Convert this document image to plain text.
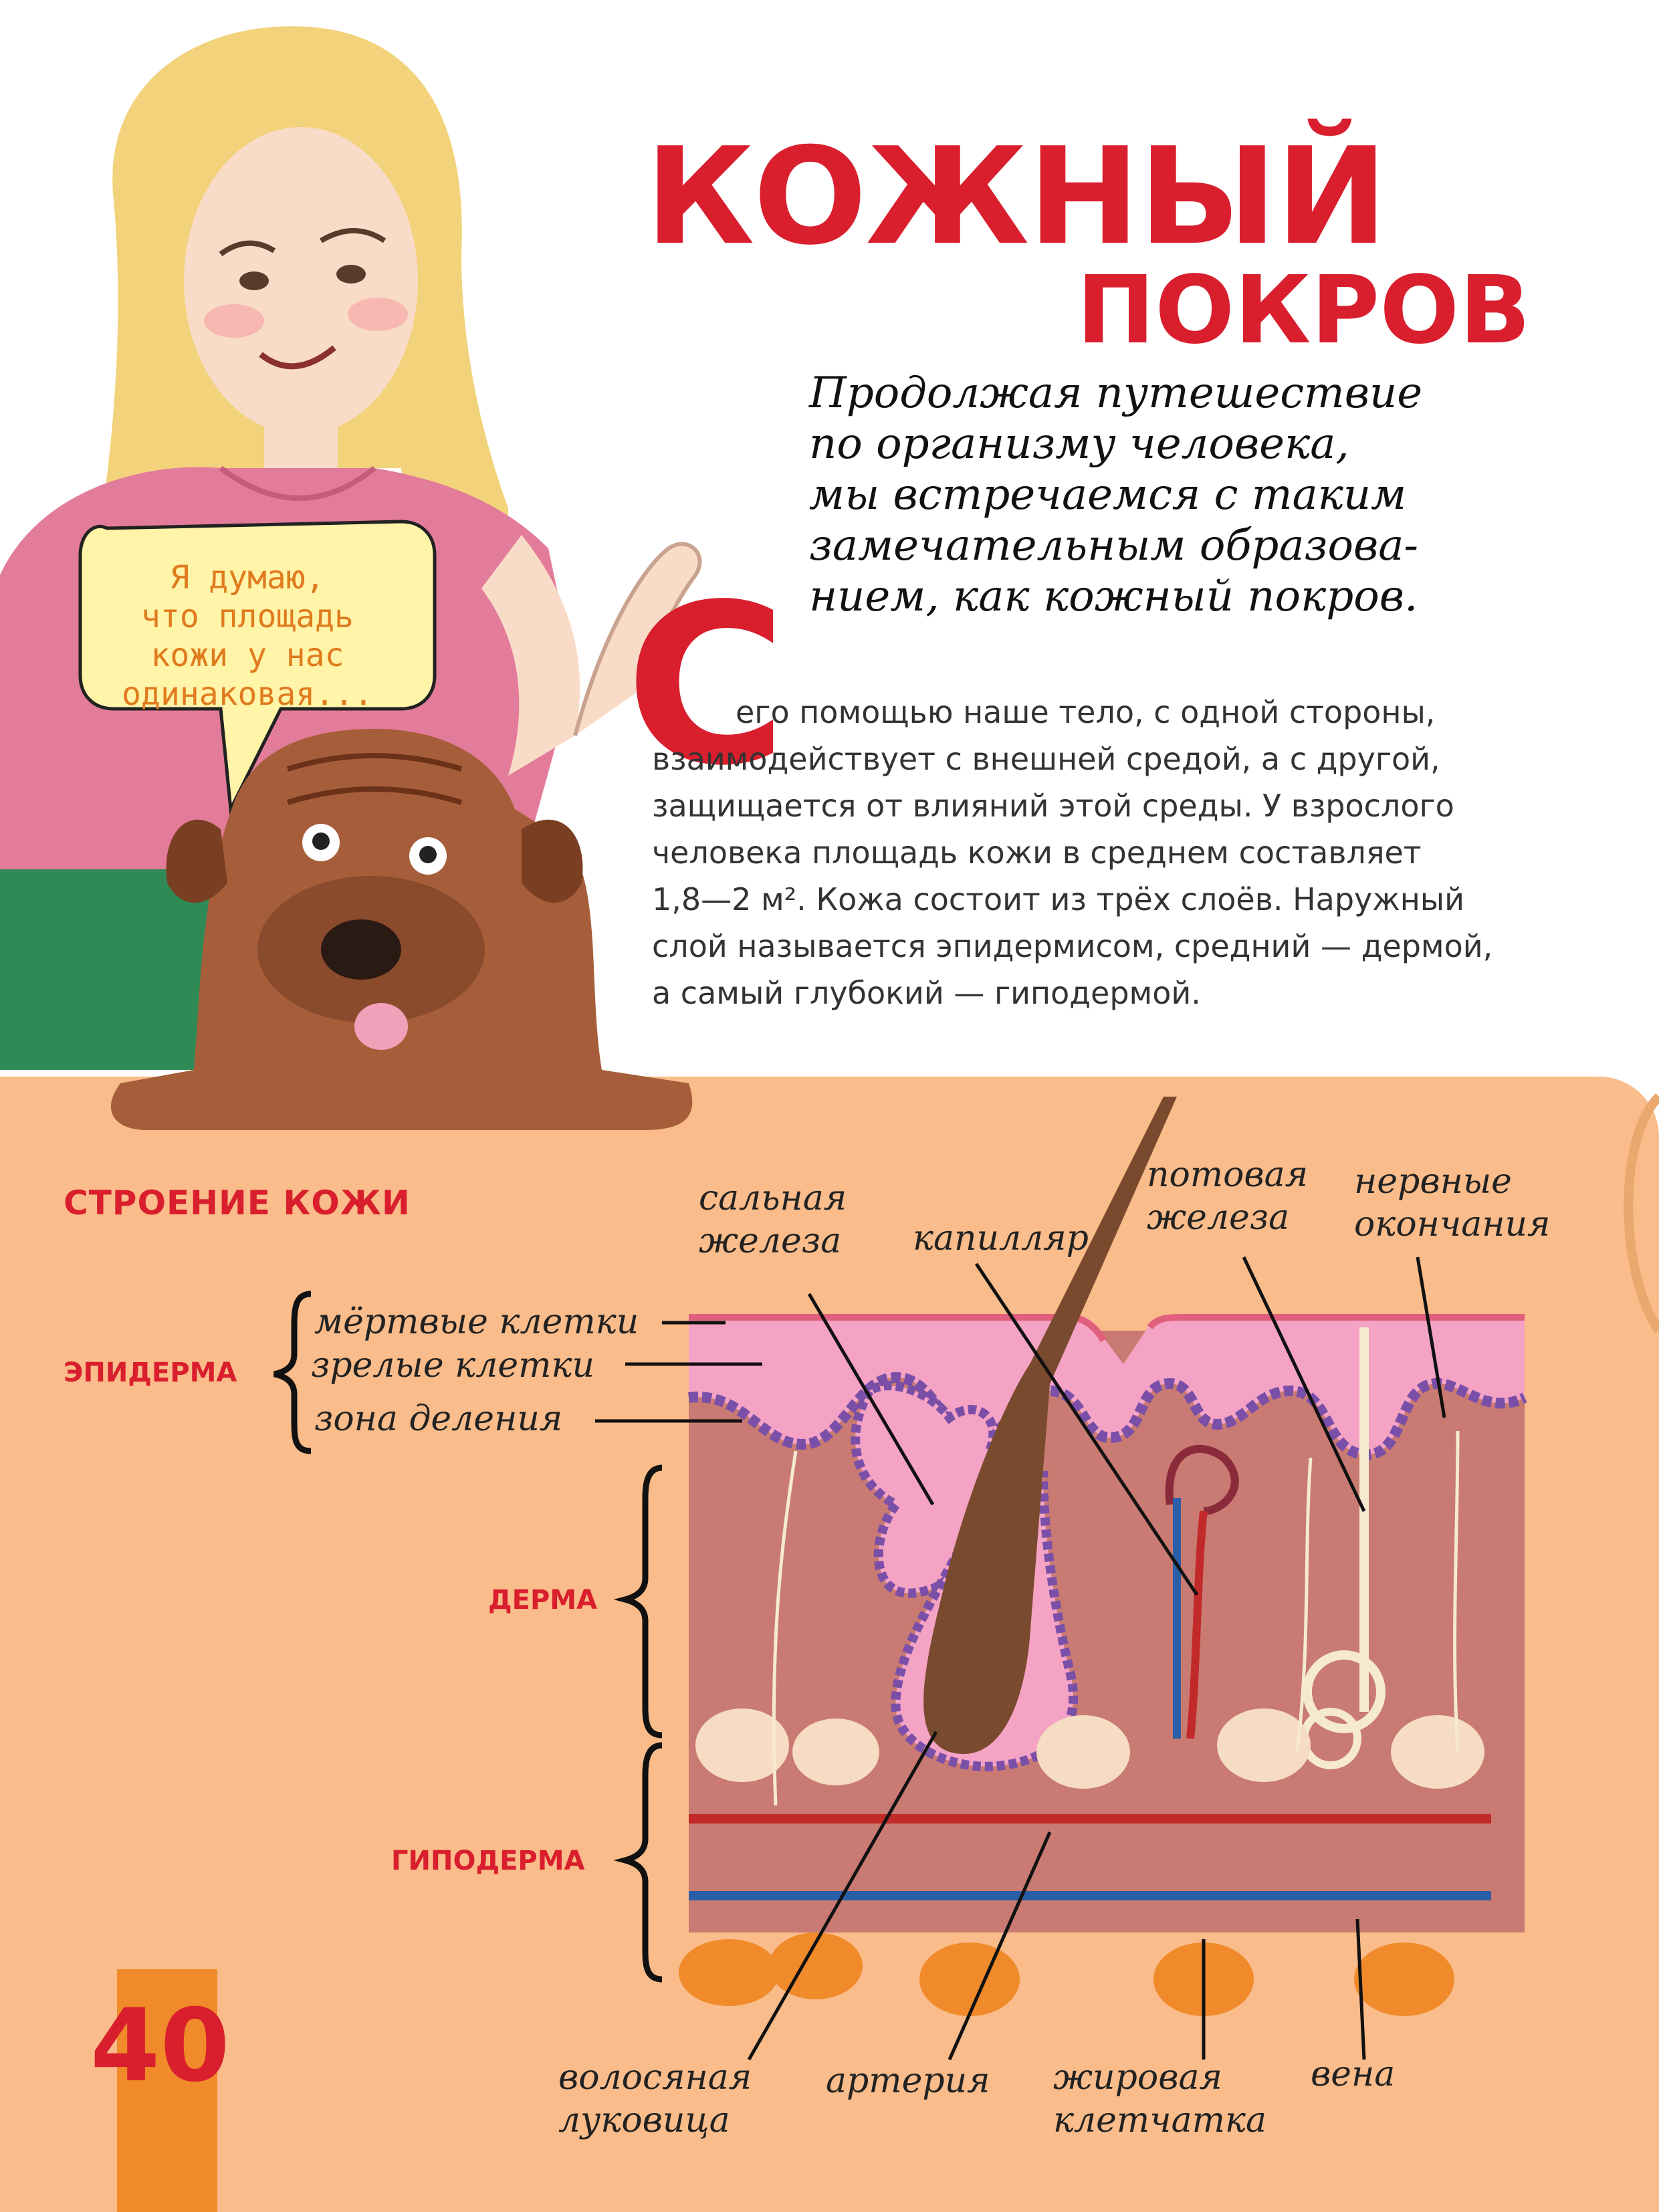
КОЖНЫЙ
ПОКРОВ
Продолжая путешествие
по организму человека,
мы встречаемся с таким
замечательным образова-
нием, как кожный покров.
Я думаю,
что площадь
кожи у нас
одинаковая... С
его помощью наше тело, с одной стороны,
взаимодействует с внешней средой, а с другой,
защищается от влияний этой среды. У взрослого
человека площадь кожи в среднем составляет
1,8—2 м². Кожа состоит из трёх слоёв. Наружный
слой называется эпидермисом, средний — дермой,
а самый глубокий — гиподермой.
СТРОЕНИЕ КОЖИ
ЭПИДЕРМА
ДЕРМА
ГИПОДЕРМА
мёртвые клетки
зрелые клетки
зона деления
сальная
железа капилляр
потовая
железа
нервные
окончания
волосяная
луковица
артерия жировая
клетчатка
вена
40
